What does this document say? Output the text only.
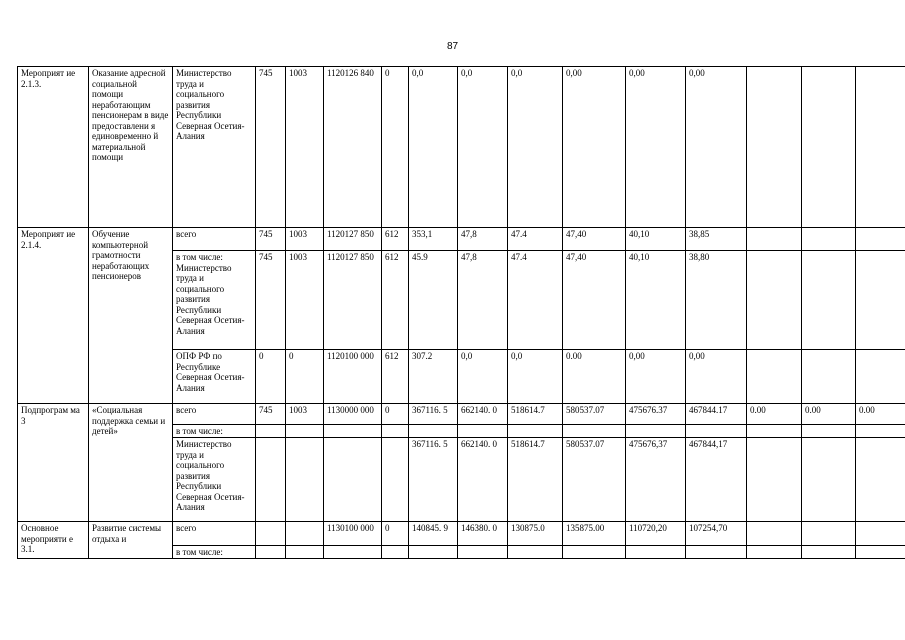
87
Мероприят ие 2.1.3.	Оказание адресной социальной помощи неработающим пенсионерам в виде предоставлени я единовременно й материальной помощи	Министерство труда и социального развития Республики Северная Осетия-Алания	745	1003	1120126 840	0	0,0	0,0	0,0	0,00	0,00	0,00			
Мероприят ие 2.1.4.	Обучение компьютерной грамотности неработающих пенсионеров	всего	745	1003	1120127 850	612	353,1	47,8	47.4	47,40	40,10	38,85			
		в том числе: Министерство труда и социального развития Республики Северная Осетия-Алания	745	1003	1120127 850	612	45.9	47,8	47.4	47,40	40,10	38,80			
		ОПФ РФ по Республике Северная Осетия-Алания	0	0	1120100 000	612	307.2	0,0	0,0	0.00	0,00	0,00			
Подпрограм ма 3	«Социальная поддержка семьи и детей»	всего	745	1003	1130000 000	0	367116. 5	662140. 0	518614.7	580537.07	475676.37	467844.17	0.00	0.00	0.00
		в том числе:													
		Министерство труда и социального развития Республики Северная Осетия-Алания					367116. 5	662140. 0	518614.7	580537.07	475676,37	467844,17			
Основное мероприяти е 3.1.	Развитие системы отдыха и	всего			1130100 000	0	140845. 9	146380. 0	130875.0	135875.00	110720,20	107254,70			
		в том числе:													
